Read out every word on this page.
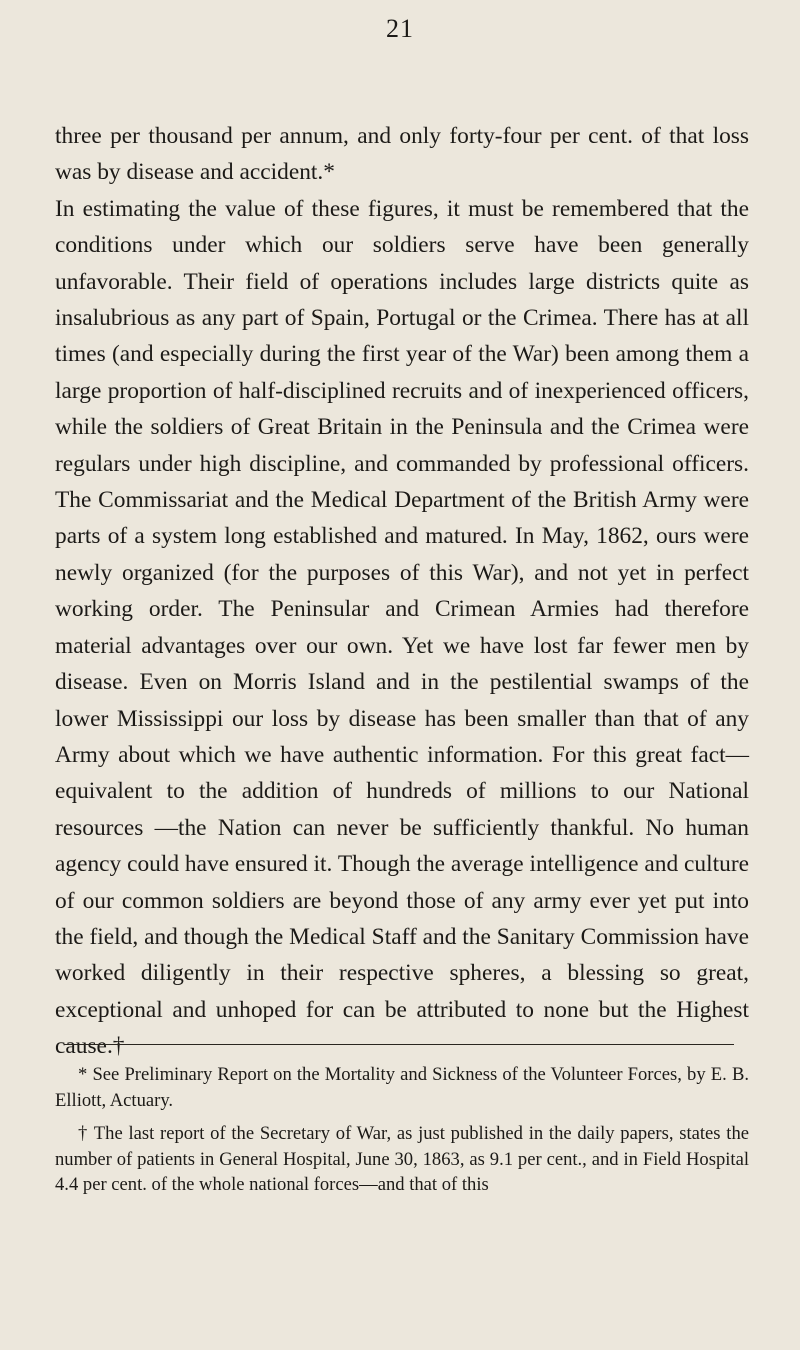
21

three per thousand per annum, and only forty-four per cent. of that loss was by disease and accident.*

In estimating the value of these figures, it must be remembered that the conditions under which our soldiers serve have been generally unfavorable. Their field of operations includes large districts quite as insalubrious as any part of Spain, Portugal or the Crimea. There has at all times (and especially during the first year of the War) been among them a large proportion of half-disciplined recruits and of inexperienced officers, while the soldiers of Great Britain in the Peninsula and the Crimea were regulars under high discipline, and commanded by professional officers. The Commissariat and the Medical Department of the British Army were parts of a system long established and matured. In May, 1862, ours were newly organized (for the purposes of this War), and not yet in perfect working order. The Peninsular and Crimean Armies had therefore material advantages over our own. Yet we have lost far fewer men by disease. Even on Morris Island and in the pestilential swamps of the lower Mississippi our loss by disease has been smaller than that of any Army about which we have authentic information. For this great fact—equivalent to the addition of hundreds of millions to our National resources —the Nation can never be sufficiently thankful. No human agency could have ensured it. Though the average intelligence and culture of our common soldiers are beyond those of any army ever yet put into the field, and though the Medical Staff and the Sanitary Commission have worked diligently in their respective spheres, a blessing so great, exceptional and unhoped for can be attributed to none but the Highest cause.†

* See Preliminary Report on the Mortality and Sickness of the Volunteer Forces, by E. B. Elliott, Actuary.

† The last report of the Secretary of War, as just published in the daily papers, states the number of patients in General Hospital, June 30, 1863, as 9.1 per cent., and in Field Hospital 4.4 per cent. of the whole national forces—and that of this
